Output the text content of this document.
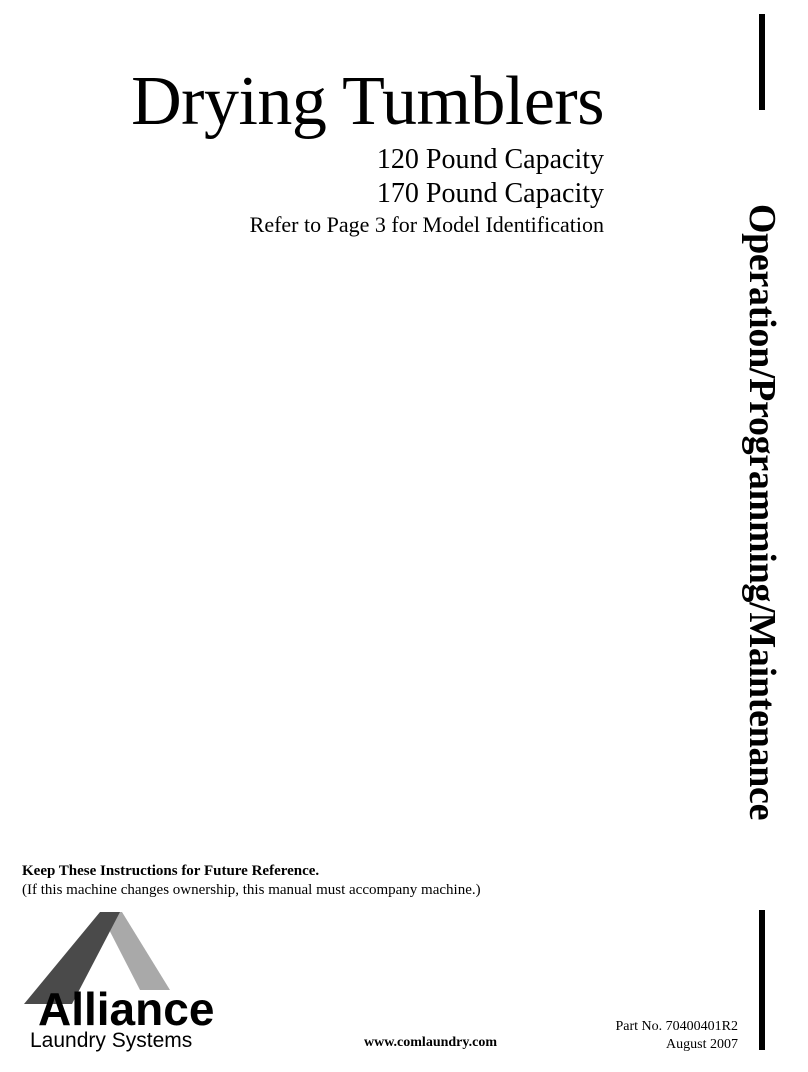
Drying Tumblers
120 Pound Capacity
170 Pound Capacity
Refer to Page 3 for Model Identification	Operation/Programming/Maintenance
Keep These Instructions for Future Reference.
(If this machine changes ownership, this manual must accompany machine.)
Alliance
Laundry Systems	www.comlaundry.com
Part No. 70400401R2
August 2007
